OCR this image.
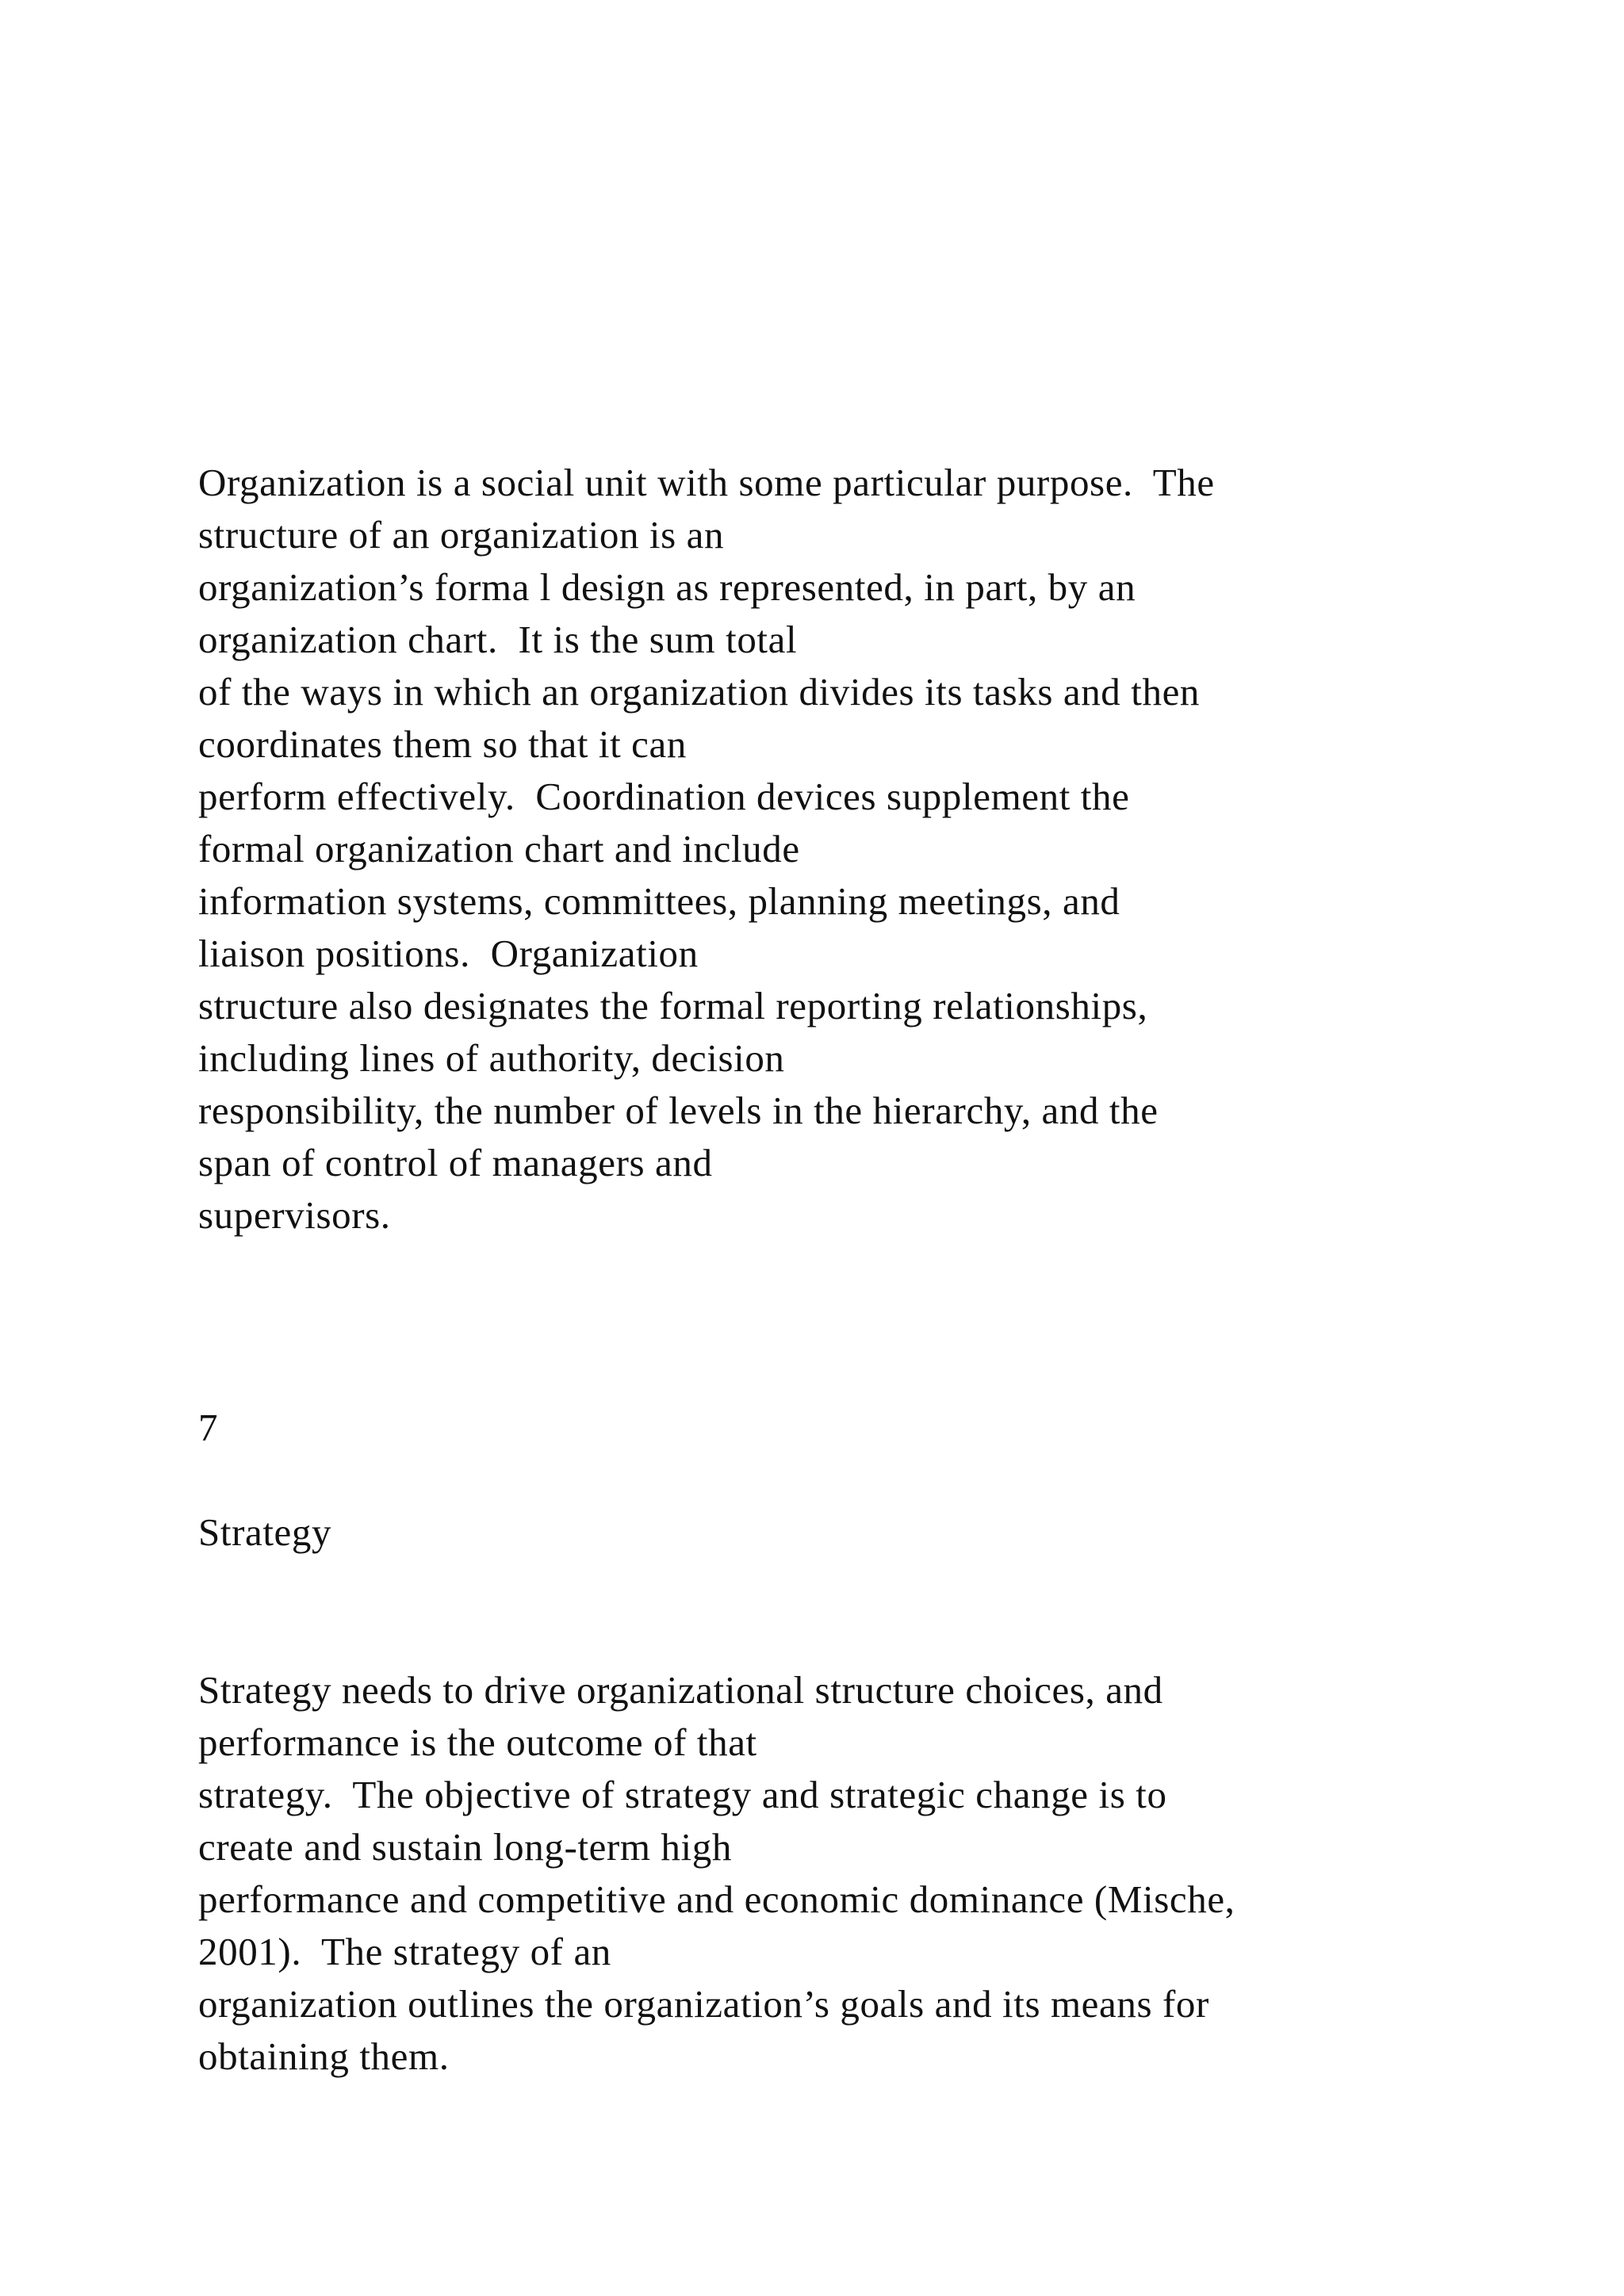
Organization is a social unit with some particular purpose.  The
structure of an organization is an
organization’s forma l design as represented, in part, by an
organization chart.  It is the sum total
of the ways in which an organization divides its tasks and then
coordinates them so that it can
perform effectively.  Coordination devices supplement the
formal organization chart and include
information systems, committees, planning meetings, and
liaison positions.  Organization
structure also designates the formal reporting relationships,
including lines of authority, decision
responsibility, the number of levels in the hierarchy, and the
span of control of managers and
supervisors.
7
Strategy
Strategy needs to drive organizational structure choices, and
performance is the outcome of that
strategy.  The objective of strategy and strategic change is to
create and sustain long-term high
performance and competitive and economic dominance (Mische,
2001).  The strategy of an
organization outlines the organization’s goals and its means for
obtaining them.
